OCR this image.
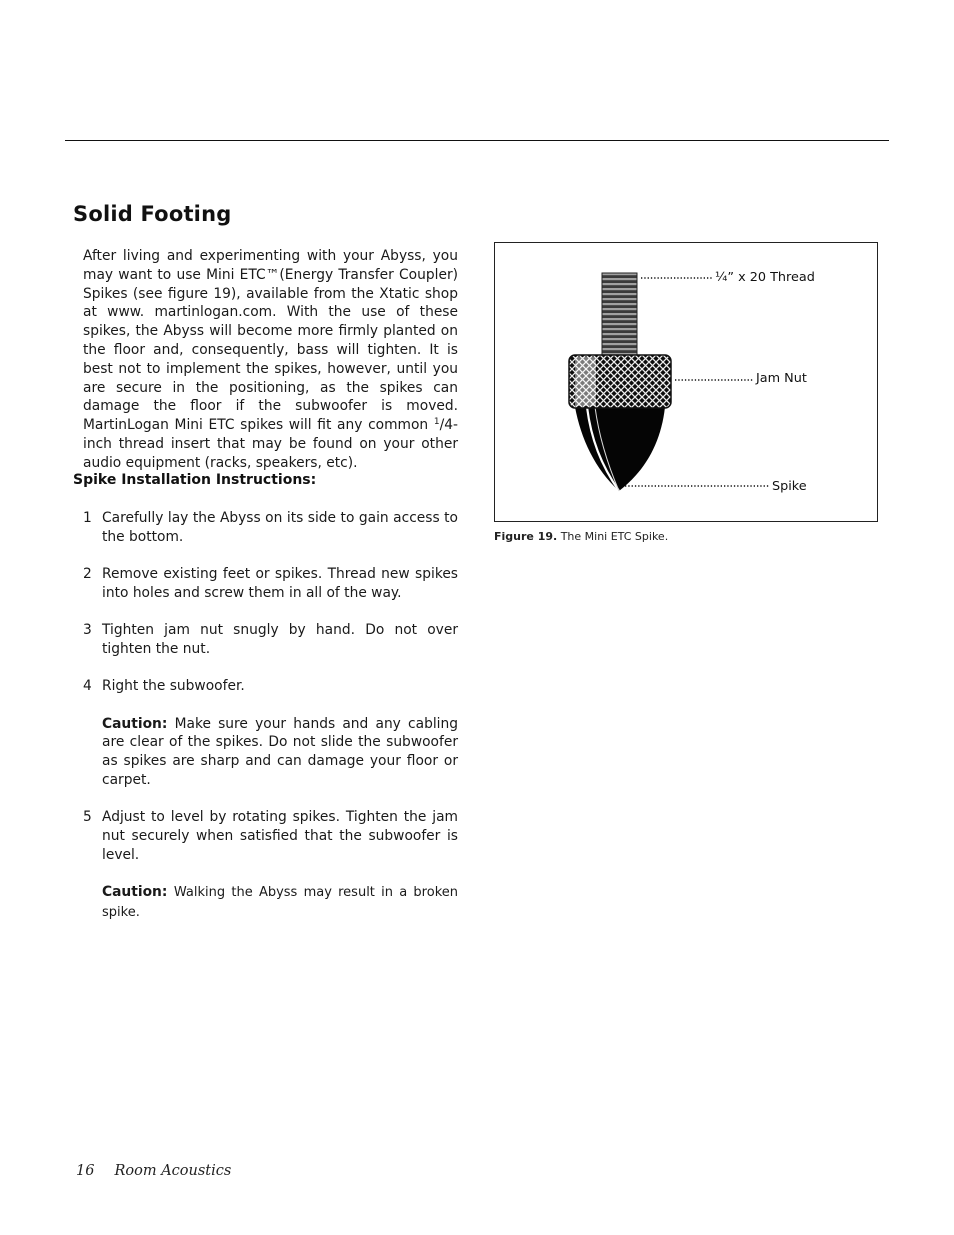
Solid Footing

After living and experimenting with your Abyss, you may want to use Mini ETC™(Energy Transfer Coupler) Spikes (see figure 19), available from the Xtatic shop at www. martinlogan.com. With the use of these spikes, the Abyss will become more firmly planted on the floor and, consequently, bass will tighten. It is best not to implement the spikes, however, until you are secure in the positioning, as the spikes can damage the floor if the subwoofer is moved. MartinLogan Mini ETC spikes will fit any common $^1$/4-inch thread insert that may be found on your other audio equipment (racks, speakers, etc).

Spike Installation Instructions:
1 Carefully lay the Abyss on its side to gain access to the bottom.
2 Remove existing feet or spikes. Thread new spikes into holes and screw them in all of the way.
3 Tighten jam nut snugly by hand. Do not over tighten the nut.
4 Right the subwoofer.
Caution: Make sure your hands and any cabling are clear of the spikes. Do not slide the subwoofer as spikes are sharp and can damage your floor or carpet.
5 Adjust to level by rotating spikes. Tighten the jam nut securely when satisfied that the subwoofer is level.
Caution: Walking the Abyss may result in a broken spike.
¼” x 20 Thread
Jam Nut
Spike

Figure 19. The Mini ETC Spike.

16 Room Acoustics
